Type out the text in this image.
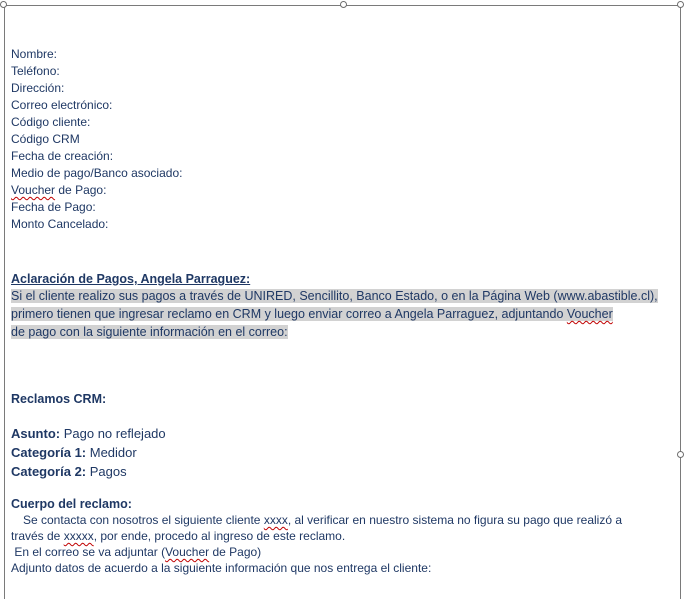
Nombre:
Teléfono:
Dirección:
Correo electrónico:
Código cliente:
Código CRM
Fecha de creación:
Medio de pago/Banco asociado:
Voucher de Pago:
Fecha de Pago:
Monto Cancelado:
Aclaración de Pagos, Angela Parraguez:
Si el cliente realizo sus pagos a través de UNIRED, Sencillito, Banco Estado, o en la Página Web (www.abastible.cl),
primero tienen que ingresar reclamo en CRM y luego enviar correo a Angela Parraguez, adjuntando Voucher
de pago con la siguiente información en el correo:
Reclamos CRM:
Asunto: Pago no reflejado
Categoría 1: Medidor
Categoría 2: Pagos
Cuerpo del reclamo:
Se contacta con nosotros el siguiente cliente xxxx, al verificar en nuestro sistema no figura su pago que realizó a
través de xxxxx, por ende, procedo al ingreso de este reclamo.
En el correo se va adjuntar (Voucher de Pago)
Adjunto datos de acuerdo a la siguiente información que nos entrega el cliente:
